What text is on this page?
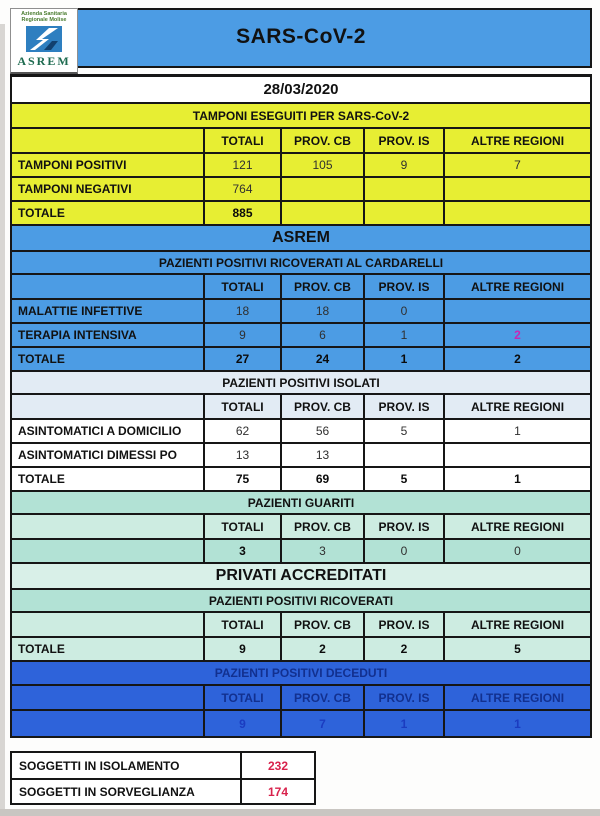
SARS-CoV-2
Azienda Sanitaria
Regionale Molise
ASREM
28/03/2020
TAMPONI ESEGUITI PER SARS-CoV-2
TOTALI	PROV. CB	PROV. IS	ALTRE REGIONI
TAMPONI POSITIVI	121	105	9	7
TAMPONI NEGATIVI	764
TOTALE	885
ASREM
PAZIENTI POSITIVI RICOVERATI AL CARDARELLI
TOTALI	PROV. CB	PROV. IS	ALTRE REGIONI
MALATTIE INFETTIVE	18	18	0
TERAPIA INTENSIVA	9	6	1	2
TOTALE	27	24	1	2
PAZIENTI POSITIVI ISOLATI
TOTALI	PROV. CB	PROV. IS	ALTRE REGIONI
ASINTOMATICI A DOMICILIO	62	56	5	1
ASINTOMATICI DIMESSI PO	13	13
TOTALE	75	69	5	1
PAZIENTI GUARITI
TOTALI	PROV. CB	PROV. IS	ALTRE REGIONI
3	3	0	0
PRIVATI ACCREDITATI
PAZIENTI POSITIVI RICOVERATI
TOTALI	PROV. CB	PROV. IS	ALTRE REGIONI
TOTALE	9	2	2	5
PAZIENTI POSITIVI DECEDUTI
TOTALI	PROV. CB	PROV. IS	ALTRE REGIONI
9	7	1	1
SOGGETTI IN ISOLAMENTO	232
SOGGETTI IN SORVEGLIANZA	174
